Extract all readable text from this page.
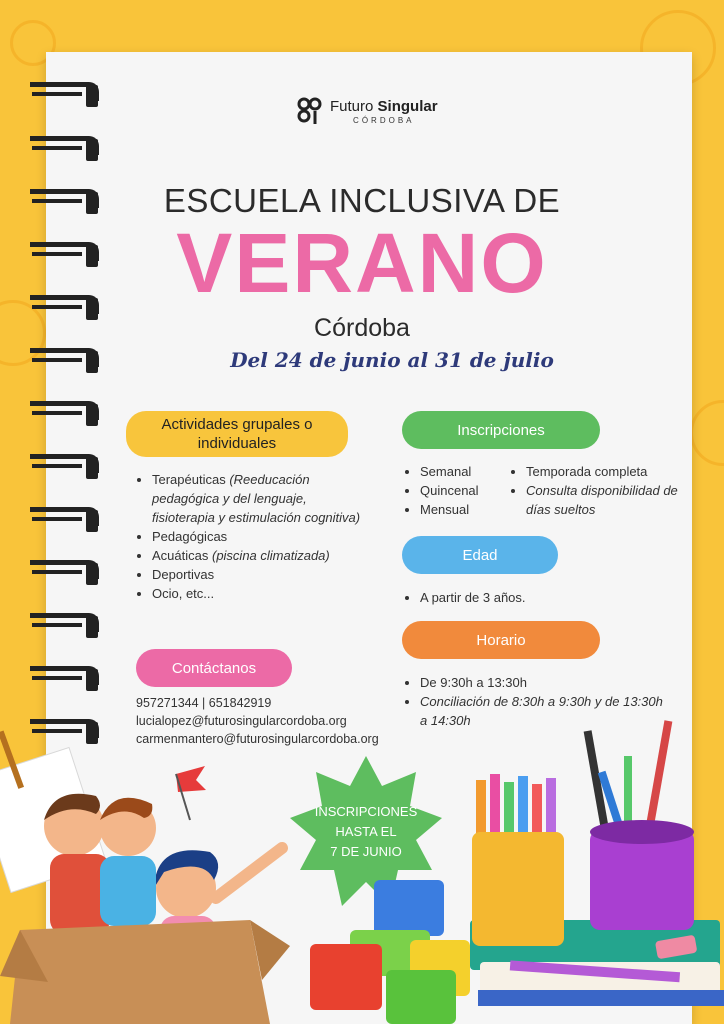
Futuro Singular
CÓRDOBA
ESCUELA INCLUSIVA DE
VERANO
Córdoba
Del 24 de junio al 31 de julio
Actividades grupales o individuales
• Terapéuticas (Reeducación pedagógica y del lenguaje, fisioterapia y estimulación cognitiva)
• Pedagógicas
• Acuáticas (piscina climatizada)
• Deportivas
• Ocio, etc...
Inscripciones
• Semanal
• Quincenal
• Mensual
• Temporada completa
• Consulta disponibilidad de días sueltos
Edad
• A partir de 3 años.
Horario
• De 9:30h a 13:30h
• Conciliación de 8:30h a 9:30h y de 13:30h a 14:30h
Contáctanos
957271344 | 651842919
lucialopez@futurosingularcordoba.org
carmenmantero@futurosingularcordoba.org
INSCRIPCIONES
HASTA EL
7 DE JUNIO
